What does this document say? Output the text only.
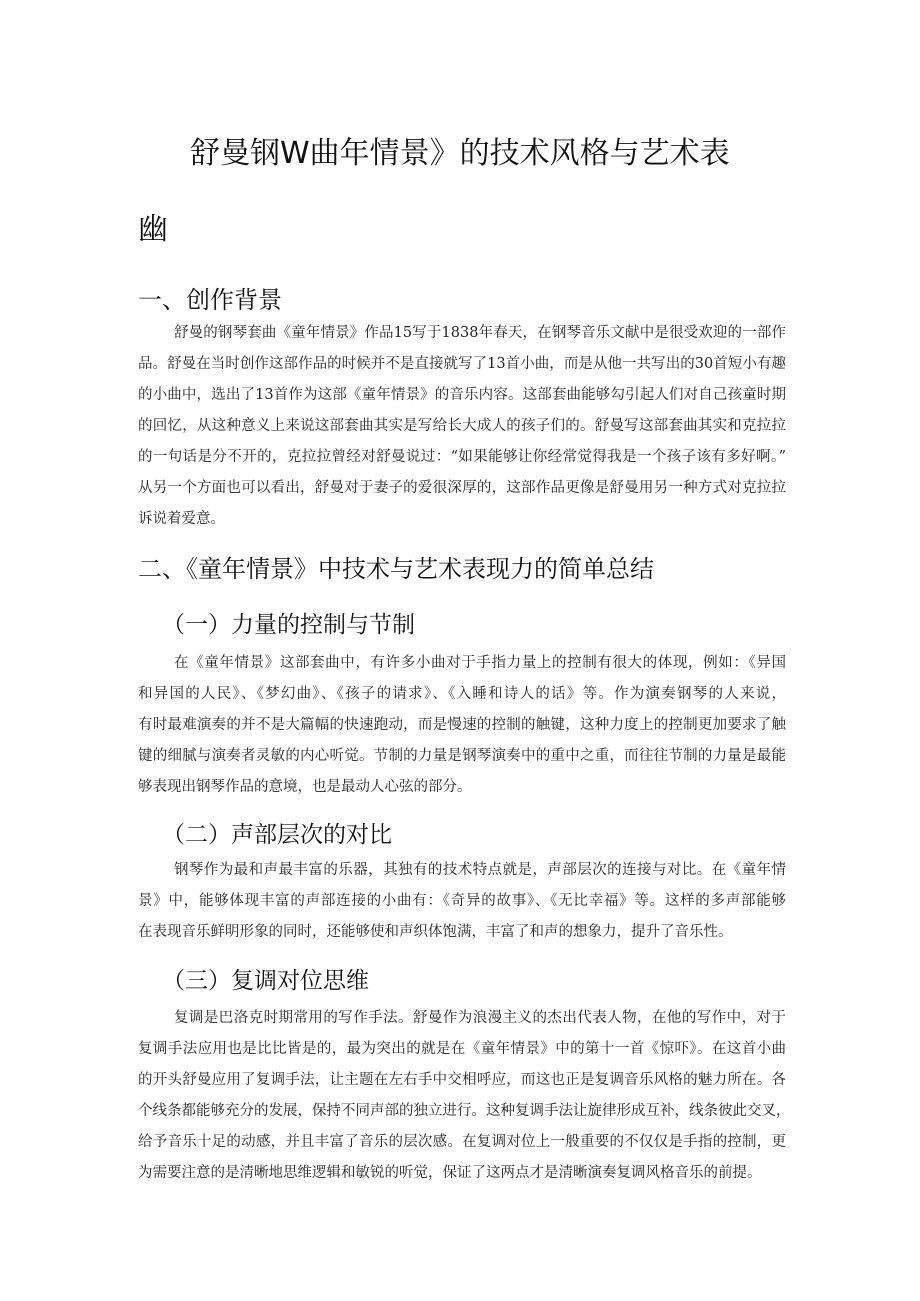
舒曼钢W曲年情景》的技术风格与艺术表
幽
一、创作背景
舒曼的钢琴套曲《童年情景》作品15写于1838年春天，在钢琴音乐文献中是很受欢迎的一部作
品。舒曼在当时创作这部作品的时候并不是直接就写了13首小曲，而是从他一共写出的30首短小有趣
的小曲中，选出了13首作为这部《童年情景》的音乐内容。这部套曲能够勾引起人们对自己孩童时期
的回忆，从这种意义上来说这部套曲其实是写给长大成人的孩子们的。舒曼写这部套曲其实和克拉拉
的一句话是分不开的，克拉拉曾经对舒曼说过：“如果能够让你经常觉得我是一个孩子该有多好啊。”
从另一个方面也可以看出，舒曼对于妻子的爱很深厚的，这部作品更像是舒曼用另一种方式对克拉拉
诉说着爱意。
二、《童年情景》中技术与艺术表现力的简单总结
（一）力量的控制与节制
在《童年情景》这部套曲中，有许多小曲对于手指力量上的控制有很大的体现，例如：《异国
和异国的人民》、《梦幻曲》、《孩子的请求》、《入睡和诗人的话》等。作为演奏钢琴的人来说，
有时最难演奏的并不是大篇幅的快速跑动，而是慢速的控制的触键，这种力度上的控制更加要求了触
键的细腻与演奏者灵敏的内心听觉。节制的力量是钢琴演奏中的重中之重，而往往节制的力量是最能
够表现出钢琴作品的意境，也是最动人心弦的部分。
（二）声部层次的对比
钢琴作为最和声最丰富的乐器，其独有的技术特点就是，声部层次的连接与对比。在《童年情
景》中，能够体现丰富的声部连接的小曲有：《奇异的故事》、《无比幸福》等。这样的多声部能够
在表现音乐鲜明形象的同时，还能够使和声织体饱满，丰富了和声的想象力，提升了音乐性。
（三）复调对位思维
复调是巴洛克时期常用的写作手法。舒曼作为浪漫主义的杰出代表人物，在他的写作中，对于
复调手法应用也是比比皆是的，最为突出的就是在《童年情景》中的第十一首《惊吓》。在这首小曲
的开头舒曼应用了复调手法，让主题在左右手中交相呼应，而这也正是复调音乐风格的魅力所在。各
个线条都能够充分的发展，保持不同声部的独立进行。这种复调手法让旋律形成互补，线条彼此交叉，
给予音乐十足的动感，并且丰富了音乐的层次感。在复调对位上一般重要的不仅仅是手指的控制，更
为需要注意的是清晰地思维逻辑和敏锐的听觉，保证了这两点才是清晰演奏复调风格音乐的前提。
